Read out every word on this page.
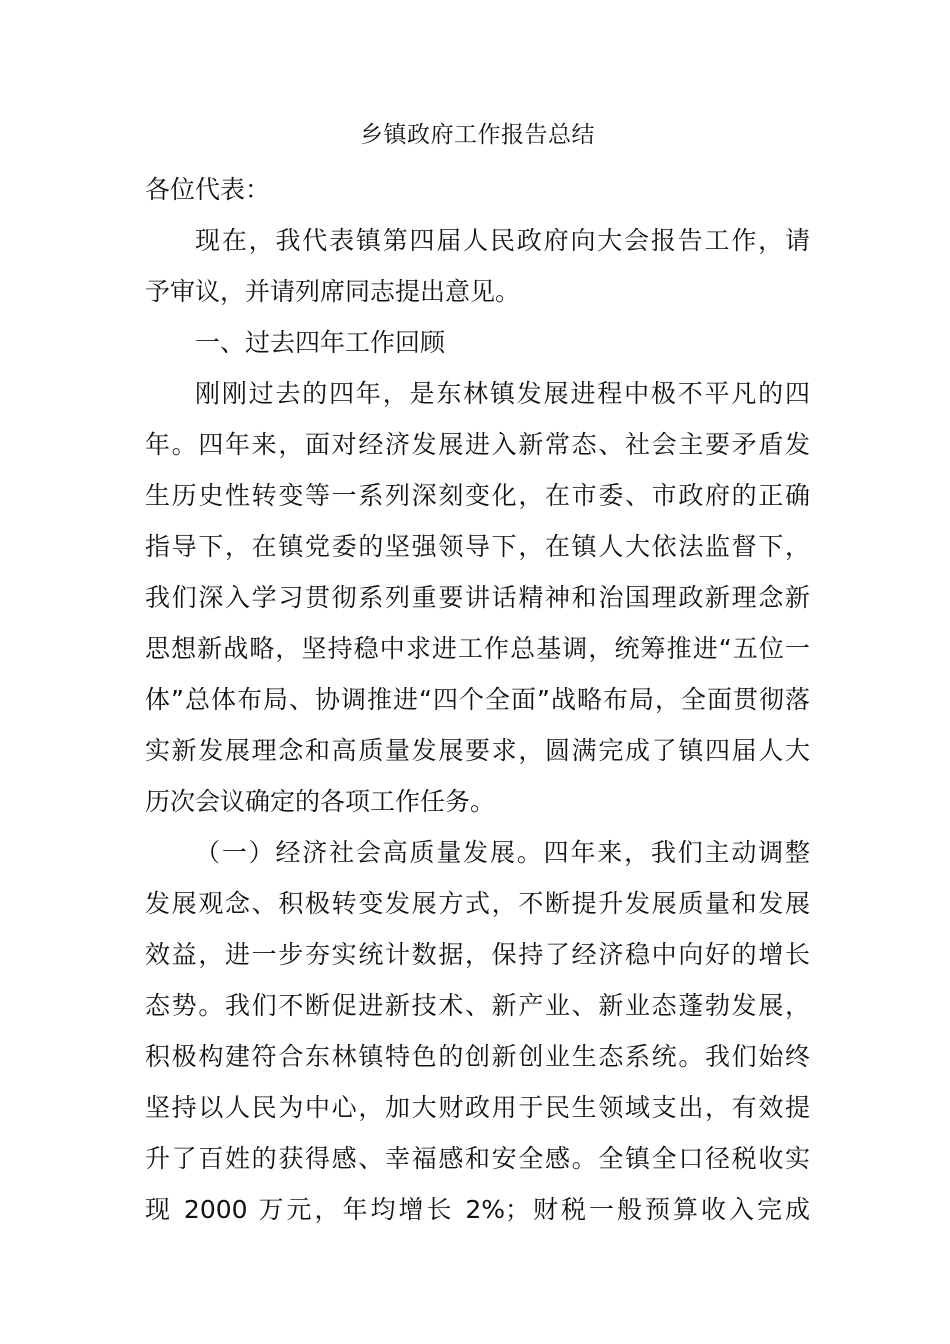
乡镇政府工作报告总结
各位代表：
现在，我代表镇第四届人民政府向大会报告工作，请
予审议，并请列席同志提出意见。
一、过去四年工作回顾
刚刚过去的四年，是东林镇发展进程中极不平凡的四
年。四年来，面对经济发展进入新常态、社会主要矛盾发
生历史性转变等一系列深刻变化，在市委、市政府的正确
指导下，在镇党委的坚强领导下，在镇人大依法监督下，
我们深入学习贯彻系列重要讲话精神和治国理政新理念新
思想新战略，坚持稳中求进工作总基调，统筹推进“五位一
体”总体布局、协调推进“四个全面”战略布局，全面贯彻落
实新发展理念和高质量发展要求，圆满完成了镇四届人大
历次会议确定的各项工作任务。
（一）经济社会高质量发展。四年来，我们主动调整
发展观念、积极转变发展方式，不断提升发展质量和发展
效益，进一步夯实统计数据，保持了经济稳中向好的增长
态势。我们不断促进新技术、新产业、新业态蓬勃发展，
积极构建符合东林镇特色的创新创业生态系统。我们始终
坚持以人民为中心，加大财政用于民生领域支出，有效提
升了百姓的获得感、幸福感和安全感。全镇全口径税收实
现 2000 万元，年均增长 2%；财税一般预算收入完成
